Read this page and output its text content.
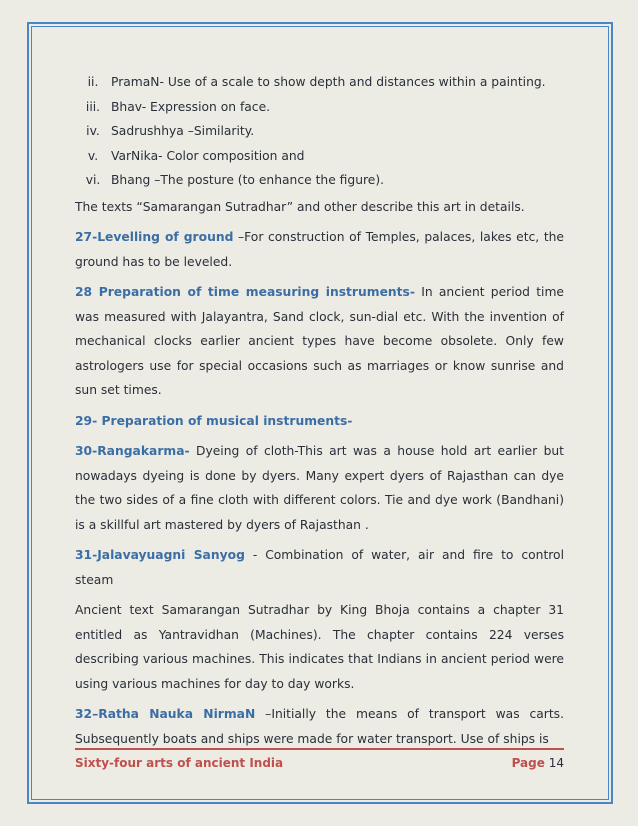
ii.	PramaN- Use of a scale to show depth and distances within a painting.
iii. Bhav- Expression on face.
iv. Sadrushhya –Similarity.
v.	VarNika- Color composition and
vi. Bhang –The posture (to enhance the figure).

The texts “Samarangan Sutradhar” and other describe this art in details.

27-Levelling of ground –For construction of Temples, palaces, lakes etc, the ground has to be leveled.

28 Preparation of time measuring instruments- In ancient period time was measured with Jalayantra, Sand clock, sun-dial etc. With the invention of mechanical clocks earlier ancient types have become obsolete. Only few astrologers use for special occasions such as marriages or know sunrise and sun set times.

29- Preparation of musical instruments-

30-Rangakarma- Dyeing of cloth-This art was a house hold art earlier but nowadays dyeing is done by dyers. Many expert dyers of Rajasthan can dye the two sides of a fine cloth with different colors. Tie and dye work (Bandhani) is a skillful art mastered by dyers of Rajasthan .

31-Jalavayuagni Sanyog - Combination of water, air and fire to control steam

Ancient text Samarangan Sutradhar by King Bhoja contains a chapter 31 entitled as Yantravidhan (Machines). The chapter contains 224 verses describing various machines. This indicates that Indians in ancient period were using various machines for day to day works.

32–Ratha Nauka NirmaN –Initially the means of transport was carts. Subsequently boats and ships were made for water transport. Use of ships is

Sixty-four arts of ancient India	Page 14
